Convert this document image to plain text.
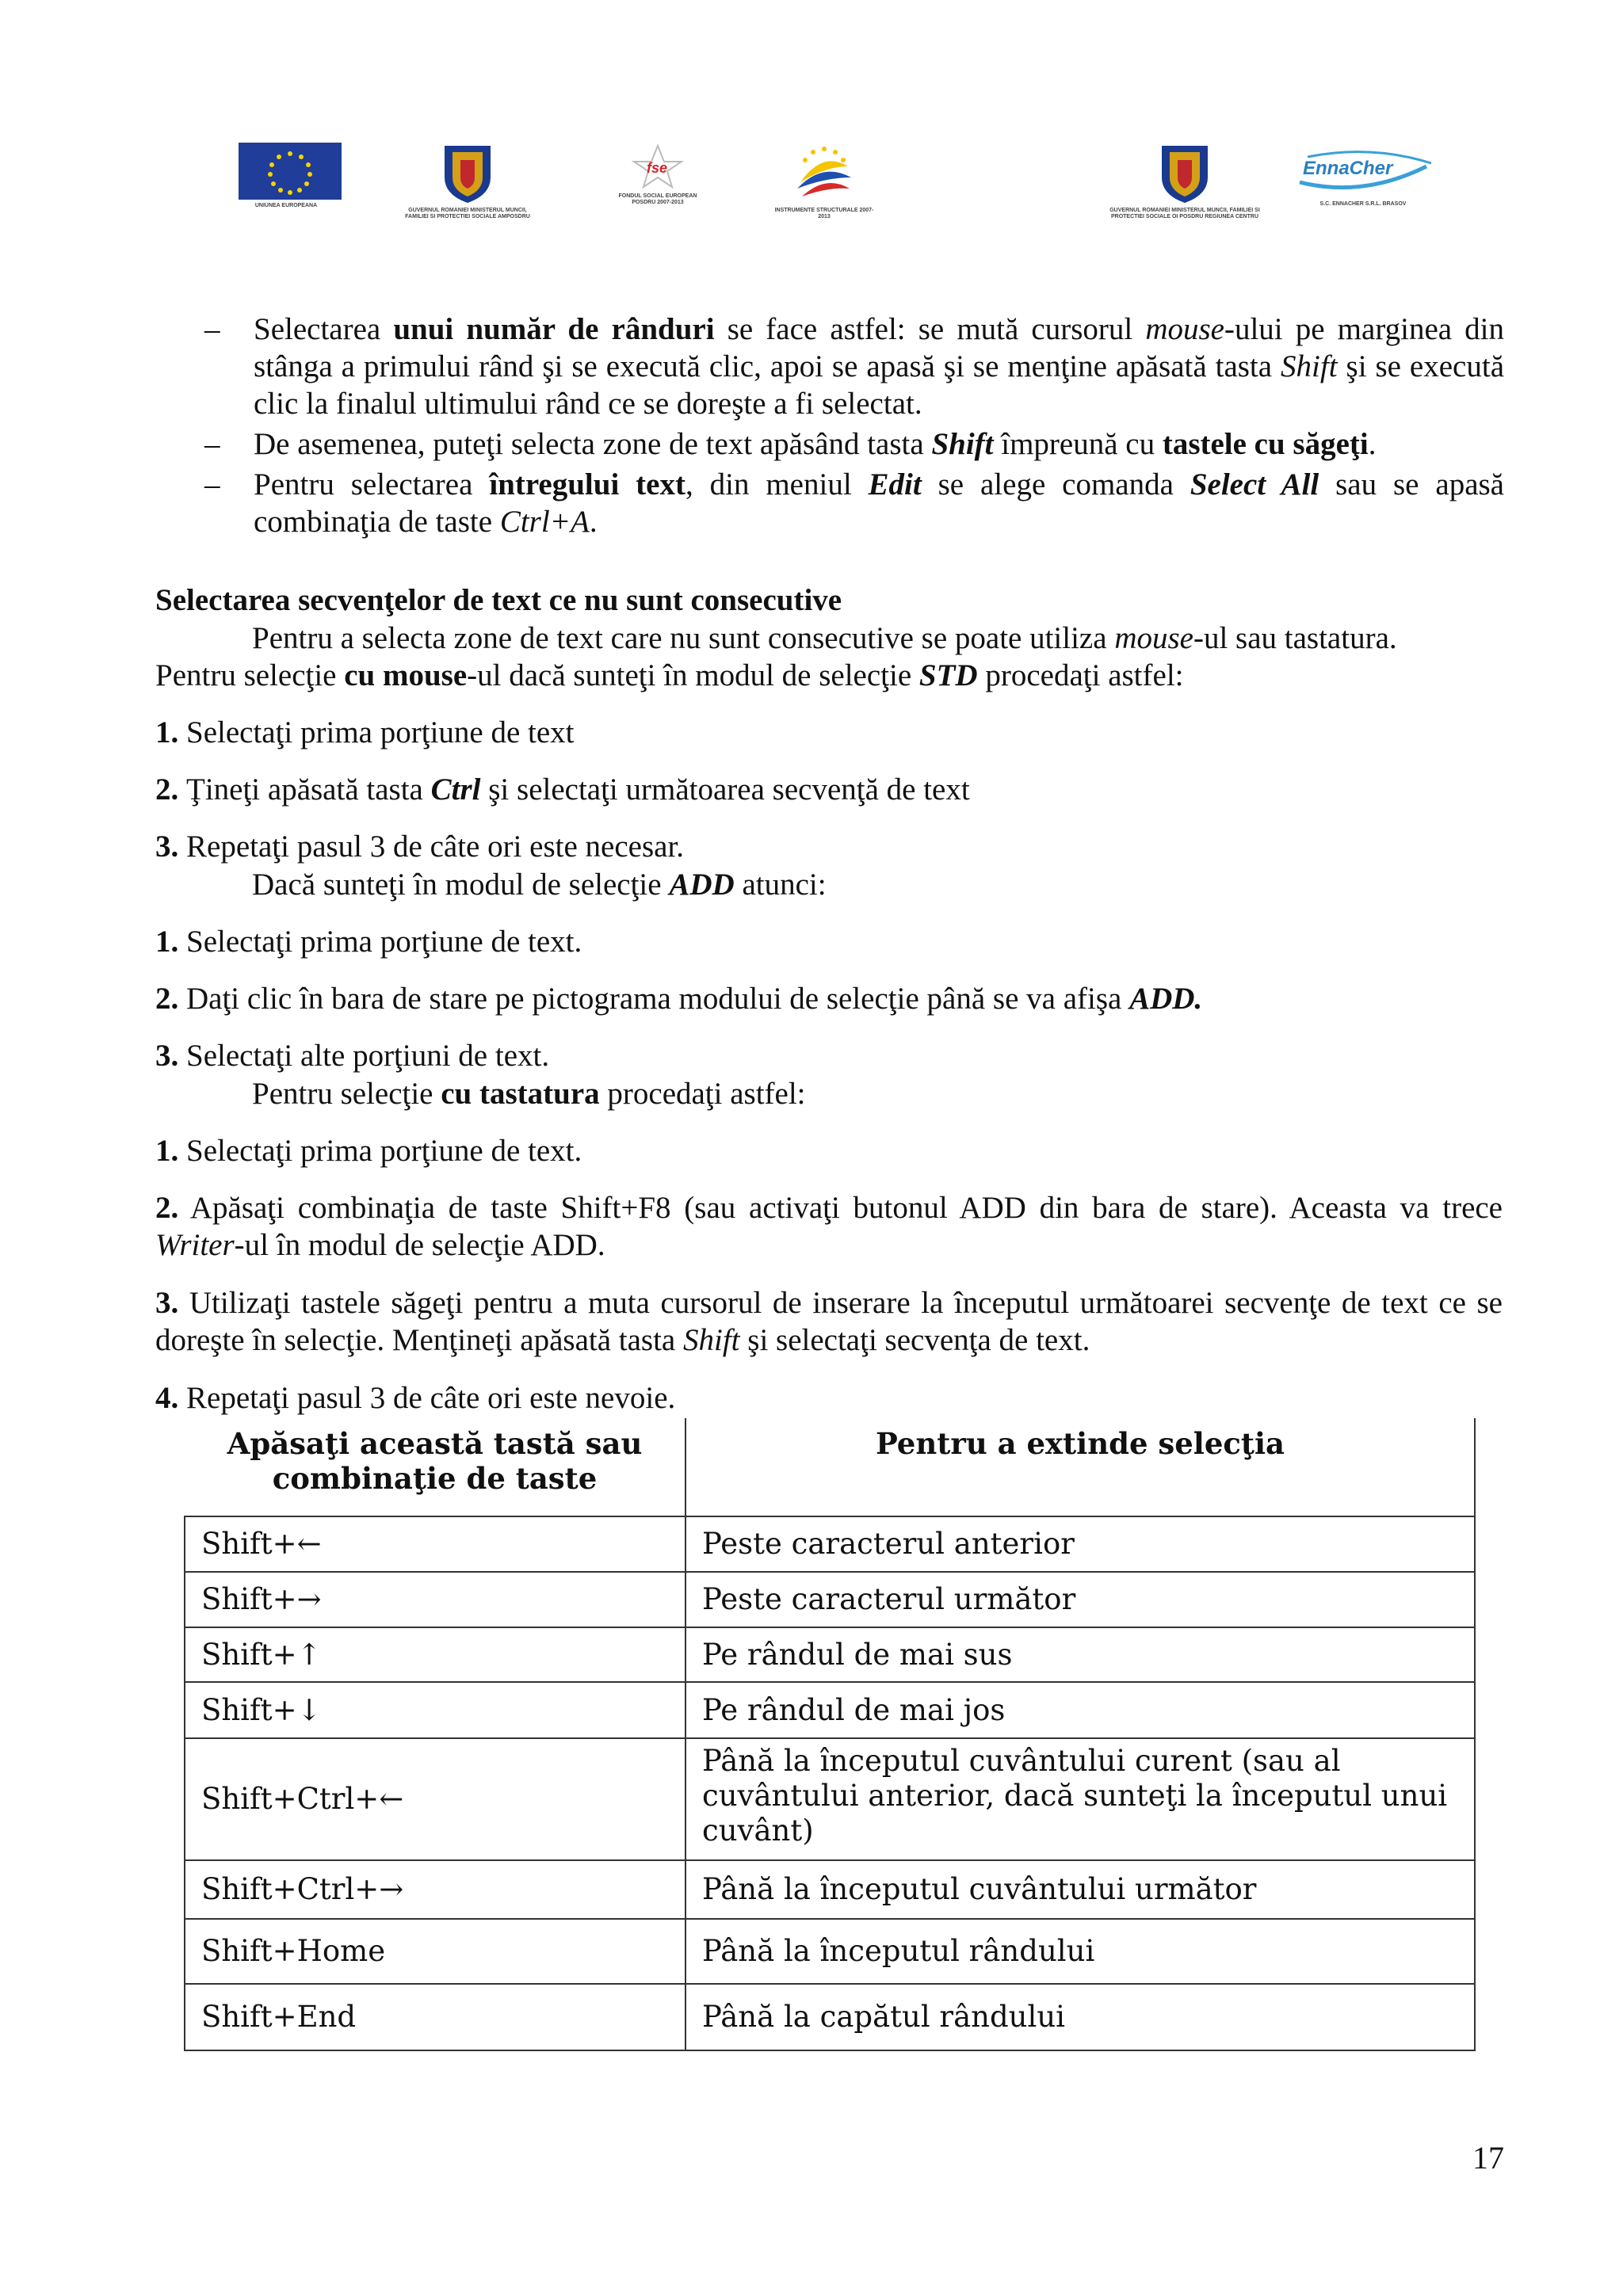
UNIUNEA EUROPEANA
GUVERNUL ROMANIEI MINISTERUL MUNCII, FAMILIEI SI PROTECTIEI SOCIALE AMPOSDRU
fse
FONDUL SOCIAL EUROPEAN POSDRU 2007-2013
INSTRUMENTE STRUCTURALE 2007-2013
GUVERNUL ROMANIEI MINISTERUL MUNCII, FAMILIEI SI PROTECTIEI SOCIALE OI POSDRU REGIUNEA CENTRU
EnnaCher
S.C. ENNACHER S.R.L. BRASOV
– Selectarea unui număr de rânduri se face astfel: se mută cursorul mouse-ului pe marginea din stânga a primului rând şi se execută clic, apoi se apasă şi se menţine apăsată tasta Shift şi se execută clic la finalul ultimului rând ce se doreşte a fi selectat.
– De asemenea, puteţi selecta zone de text apăsând tasta Shift împreună cu tastele cu săgeţi.
– Pentru selectarea întregului text, din meniul Edit se alege comanda Select All sau se apasă combinaţia de taste Ctrl+A.

Selectarea secvenţelor de text ce nu sunt consecutive

Pentru a selecta zone de text care nu sunt consecutive se poate utiliza mouse-ul sau tastatura.

Pentru selecţie cu mouse-ul dacă sunteţi în modul de selecţie STD procedaţi astfel:

1. Selectaţi prima porţiune de text

2. Ţineţi apăsată tasta Ctrl şi selectaţi următoarea secvenţă de text

3. Repetaţi pasul 3 de câte ori este necesar.

Dacă sunteţi în modul de selecţie ADD atunci:

1. Selectaţi prima porţiune de text.

2. Daţi clic în bara de stare pe pictograma modului de selecţie până se va afişa ADD.

3. Selectaţi alte porţiuni de text.

Pentru selecţie cu tastatura procedaţi astfel:

1. Selectaţi prima porţiune de text.

2. Apăsaţi combinaţia de taste Shift+F8 (sau activaţi butonul ADD din bara de stare). Aceasta va trece Writer-ul în modul de selecţie ADD.

3. Utilizaţi tastele săgeţi pentru a muta cursorul de inserare la începutul următoarei secvenţe de text ce se doreşte în selecţie. Menţineţi apăsată tasta Shift şi selectaţi secvenţa de text.

4. Repetaţi pasul 3 de câte ori este nevoie.

Apăsaţi această tastă sau combinaţie de taste	Pentru a extinde selecţia
Shift+←	Peste caracterul anterior
Shift+→	Peste caracterul următor
Shift+↑	Pe rândul de mai sus
Shift+↓	Pe rândul de mai jos
Shift+Ctrl+←	Până la începutul cuvântului curent (sau al cuvântului anterior, dacă sunteţi la începutul unui cuvânt)
Shift+Ctrl+→	Până la începutul cuvântului următor
Shift+Home	Până la începutul rândului
Shift+End	Până la capătul rândului
17
